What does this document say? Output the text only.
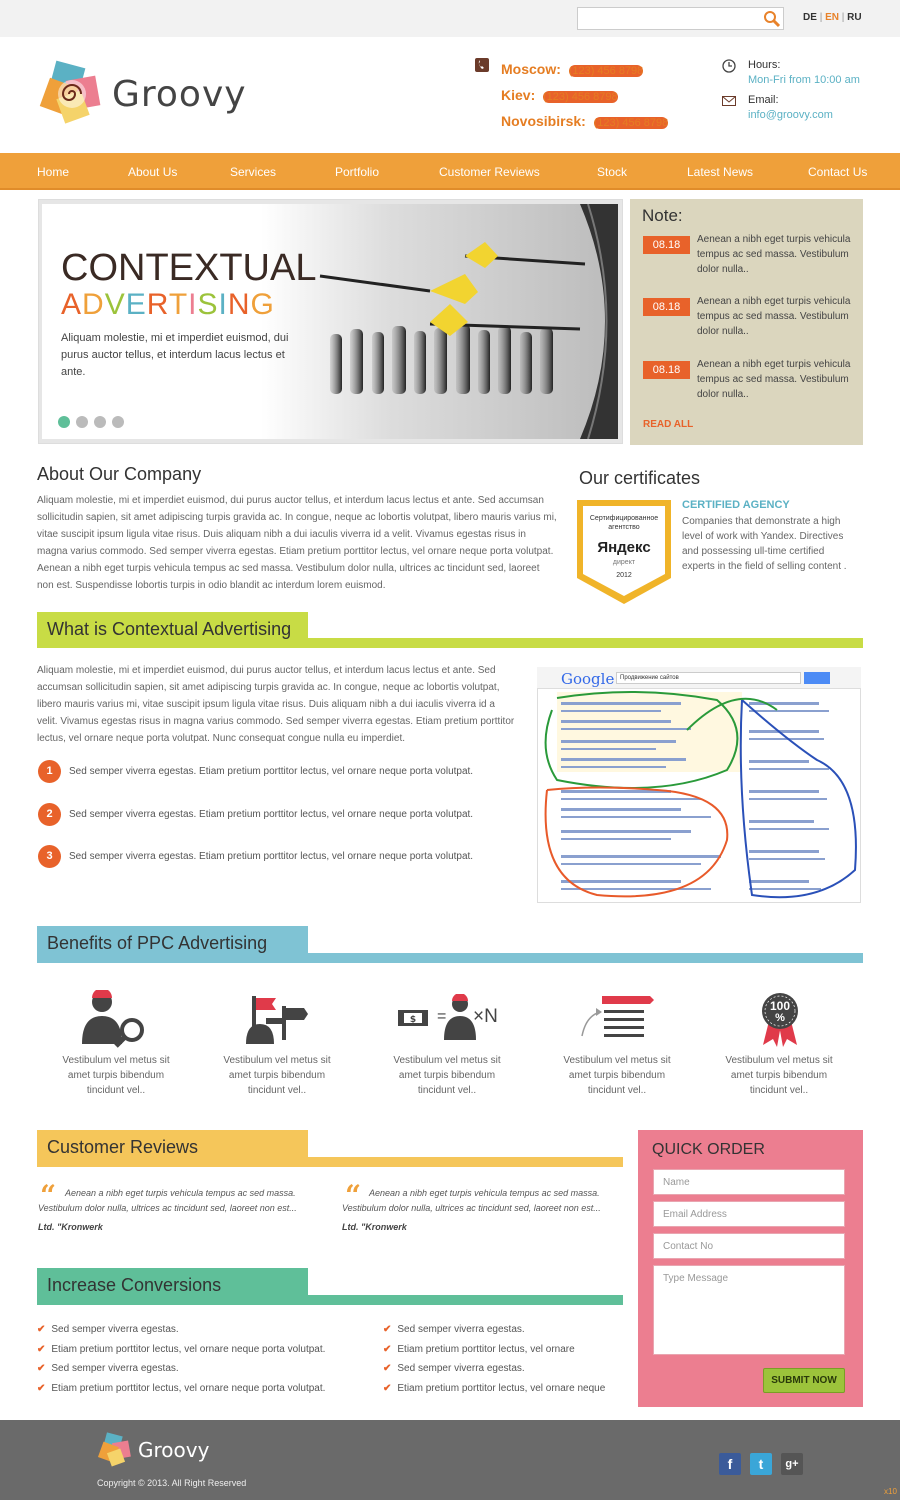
DE | EN | RU
Groovy
Moscow: (123) 456 8798
Kiev: (123) 456 8798
Novosibirsk: (123) 456 8798
Hours:
Mon-Fri from 10:00 am
Email:
info@groovy.com
Home	About Us	Services	Portfolio	Customer Reviews	Stock	Latest News	Contact Us
CONTEXTUAL
ADVERTISING
Aliquam molestie, mi et imperdiet euismod, dui purus auctor tellus, et interdum lacus lectus et ante.
Note:
08.18	Aenean a nibh eget turpis vehicula tempus ac sed massa. Vestibulum dolor nulla..
08.18	Aenean a nibh eget turpis vehicula tempus ac sed massa. Vestibulum dolor nulla..
08.18	Aenean a nibh eget turpis vehicula tempus ac sed massa. Vestibulum dolor nulla..
READ ALL
About Our Company
Aliquam molestie, mi et imperdiet euismod, dui purus auctor tellus, et interdum lacus lectus et ante. Sed accumsan sollicitudin sapien, sit amet adipiscing turpis gravida ac. In congue, neque ac lobortis volutpat, libero mauris varius mi, vitae suscipit ipsum ligula vitae risus. Duis aliquam nibh a dui iaculis viverra id a velit. Vivamus egestas risus in magna varius commodo. Sed semper viverra egestas. Etiam pretium porttitor lectus, vel ornare neque porta volutpat.
Aenean a nibh eget turpis vehicula tempus ac sed massa. Vestibulum dolor nulla, ultrices ac tincidunt sed, laoreet non est. Suspendisse lobortis turpis in odio blandit ac interdum lorem euismod.
Our certificates
Сертифицированное
агентство
Яндекс
директ
2012
CERTIFIED AGENCY
Companies that demonstrate a high level of work with Yandex. Directives and possessing ull-time certified experts in the field of selling content .
What is Contextual Advertising
Aliquam molestie, mi et imperdiet euismod, dui purus auctor tellus, et interdum lacus lectus et ante. Sed accumsan sollicitudin sapien, sit amet adipiscing turpis gravida ac. In congue, neque ac lobortis volutpat, libero mauris varius mi, vitae suscipit ipsum ligula vitae risus. Duis aliquam nibh a dui iaculis viverra id a velit. Vivamus egestas risus in magna varius commodo. Sed semper viverra egestas. Etiam pretium porttitor lectus, vel ornare neque porta volutpat. Nunc consequat congue nulla eu imperdiet.
1	Sed semper viverra egestas. Etiam pretium porttitor lectus, vel ornare neque porta volutpat.
2	Sed semper viverra egestas. Etiam pretium porttitor lectus, vel ornare neque porta volutpat.
3	Sed semper viverra egestas. Etiam pretium porttitor lectus, vel ornare neque porta volutpat.
Google Продвижение сайтов
Benefits of PPC Advertising
$ = ×N	100
%
Vestibulum vel metus sit amet turpis bibendum tincidunt vel..
Vestibulum vel metus sit amet turpis bibendum tincidunt vel..
Vestibulum vel metus sit amet turpis bibendum tincidunt vel..
Vestibulum vel metus sit amet turpis bibendum tincidunt vel..
Vestibulum vel metus sit amet turpis bibendum tincidunt vel..
Customer Reviews
“ Aenean a nibh eget turpis vehicula tempus ac sed massa. Vestibulum dolor nulla, ultrices ac tincidunt sed, laoreet non est...
Ltd. "Kronwerk
“ Aenean a nibh eget turpis vehicula tempus ac sed massa. Vestibulum dolor nulla, ultrices ac tincidunt sed, laoreet non est...
Ltd. "Kronwerk
Increase Conversions
✔ Sed semper viverra egestas.
✔ Etiam pretium porttitor lectus, vel ornare neque porta volutpat.
✔ Sed semper viverra egestas.
✔ Etiam pretium porttitor lectus, vel ornare neque porta volutpat.
✔ Sed semper viverra egestas.
✔ Etiam pretium porttitor lectus, vel ornare
✔ Sed semper viverra egestas.
✔ Etiam pretium porttitor lectus, vel ornare neque
QUICK ORDER
Name
Email Address
Contact No
Type Message
SUBMIT NOW
Groovy
Copyright © 2013. All Right Reserved
f	t	g+
x10
